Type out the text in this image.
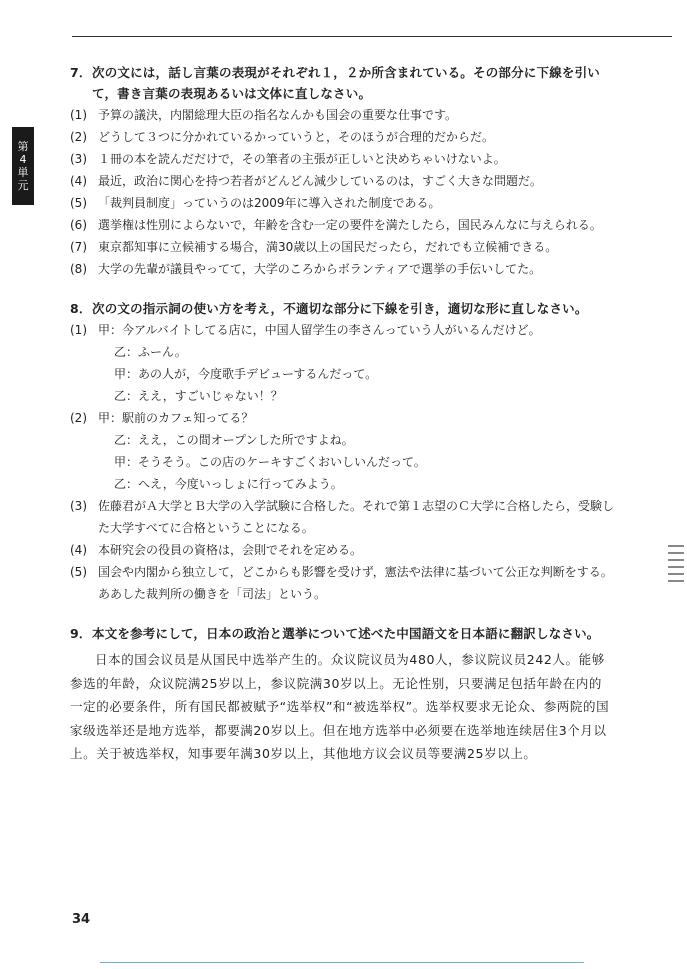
第
4
単
元
7．次の文には，話し言葉の表現がそれぞれ１，２か所含まれている。その部分に下線を引いて，書き言葉の表現あるいは文体に直しなさい。
(1) 予算の議決，内閣総理大臣の指名なんかも国会の重要な仕事です。
(2) どうして３つに分かれているかっていうと，そのほうが合理的だからだ。
(3) １冊の本を読んだだけで，その筆者の主張が正しいと決めちゃいけないよ。
(4) 最近，政治に関心を持つ若者がどんどん減少しているのは，すごく大きな問題だ。
(5) 「裁判員制度」っていうのは2009年に導入された制度である。
(6) 選挙権は性別によらないで，年齢を含む一定の要件を満たしたら，国民みんなに与えられる。
(7) 東京都知事に立候補する場合，満30歳以上の国民だったら，だれでも立候補できる。
(8) 大学の先輩が議員やってて，大学のころからボランティアで選挙の手伝いしてた。
8．次の文の指示詞の使い方を考え，不適切な部分に下線を引き，適切な形に直しなさい。
(1) 甲：今アルバイトしてる店に，中国人留学生の李さんっていう人がいるんだけど。
乙：ふーん。
甲：あの人が，今度歌手デビューするんだって。
乙：ええ，すごいじゃない！？
(2) 甲：駅前のカフェ知ってる？
乙：ええ，この間オープンした所ですよね。
甲：そうそう。この店のケーキすごくおいしいんだって。
乙：へえ，今度いっしょに行ってみよう。
(3) 佐藤君がＡ大学とＢ大学の入学試験に合格した。それで第１志望のＣ大学に合格したら，受験した大学すべてに合格ということになる。
(4) 本研究会の役員の資格は，会則でそれを定める。
(5) 国会や内閣から独立して，どこからも影響を受けず，憲法や法律に基づいて公正な判断をする。ああした裁判所の働きを「司法」という。
9．本文を参考にして，日本の政治と選挙について述べた中国語文を日本語に翻訳しなさい。
日本的国会议员是从国民中选举产生的。众议院议员为480人，参议院议员242人。能够参选的年龄，众议院满25岁以上，参议院满30岁以上。无论性别，只要满足包括年龄在内的一定的必要条件，所有国民都被赋予“选举权”和“被选举权”。选举权要求无论众、参两院的国家级选举还是地方选举，都要满20岁以上。但在地方选举中必须要在选举地连续居住3个月以上。关于被选举权，知事要年满30岁以上，其他地方议会议员等要满25岁以上。
34
